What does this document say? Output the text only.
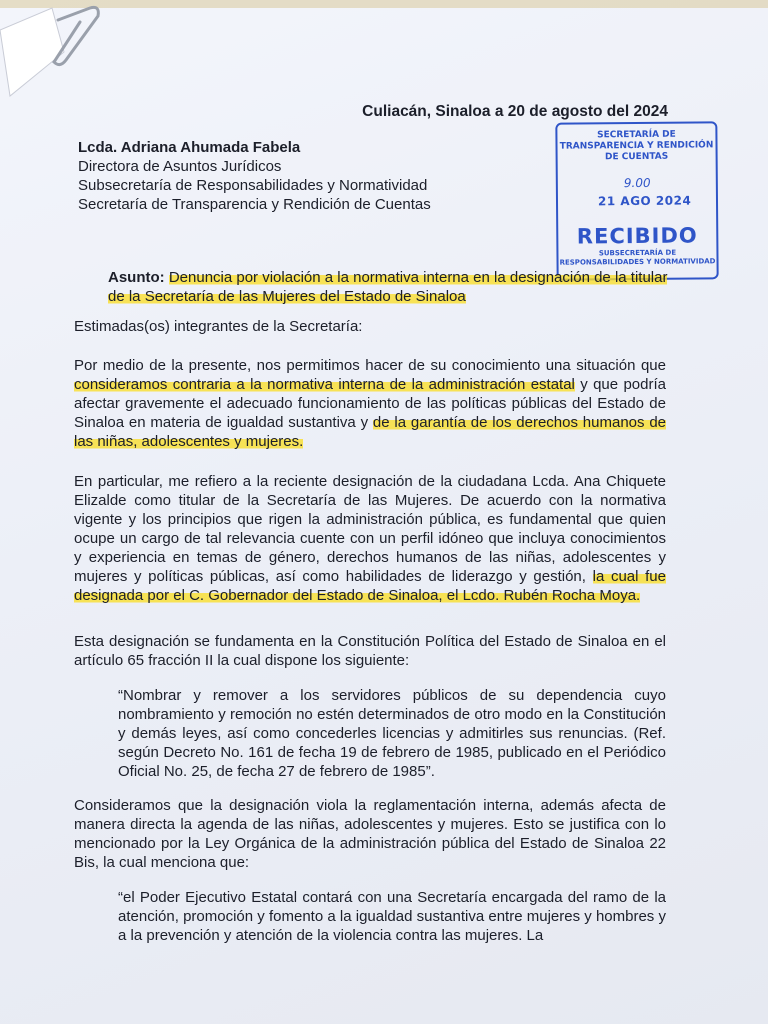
Culiacán, Sinaloa a 20 de agosto del 2024
Lcda. Adriana Ahumada Fabela
Directora de Asuntos Jurídicos
Subsecretaría de Responsabilidades y Normatividad
Secretaría de Transparencia y Rendición de Cuentas
SECRETARÍA DE TRANSPARENCIA Y RENDICIÓN DE CUENTAS
9.00
21 AGO 2024
RECIBIDO
SUBSECRETARÍA DE RESPONSABILIDADES Y NORMATIVIDAD
Asunto: Denuncia por violación a la normativa interna en la designación de la titular de la Secretaría de las Mujeres del Estado de Sinaloa
Estimadas(os) integrantes de la Secretaría:
Por medio de la presente, nos permitimos hacer de su conocimiento una situación que consideramos contraria a la normativa interna de la administración estatal y que podría afectar gravemente el adecuado funcionamiento de las políticas públicas del Estado de Sinaloa en materia de igualdad sustantiva y de la garantía de los derechos humanos de las niñas, adolescentes y mujeres.
En particular, me refiero a la reciente designación de la ciudadana Lcda. Ana Chiquete Elizalde como titular de la Secretaría de las Mujeres. De acuerdo con la normativa vigente y los principios que rigen la administración pública, es fundamental que quien ocupe un cargo de tal relevancia cuente con un perfil idóneo que incluya conocimientos y experiencia en temas de género, derechos humanos de las niñas, adolescentes y mujeres y políticas públicas, así como habilidades de liderazgo y gestión, la cual fue designada por el C. Gobernador del Estado de Sinaloa, el Lcdo. Rubén Rocha Moya.
Esta designación se fundamenta en la Constitución Política del Estado de Sinaloa en el artículo 65 fracción II la cual dispone los siguiente:
“Nombrar y remover a los servidores públicos de su dependencia cuyo nombramiento y remoción no estén determinados de otro modo en la Constitución y demás leyes, así como concederles licencias y admitirles sus renuncias. (Ref. según Decreto No. 161 de fecha 19 de febrero de 1985, publicado en el Periódico Oficial No. 25, de fecha 27 de febrero de 1985”.
Consideramos que la designación viola la reglamentación interna, además afecta de manera directa la agenda de las niñas, adolescentes y mujeres. Esto se justifica con lo mencionado por la Ley Orgánica de la administración pública del Estado de Sinaloa 22 Bis, la cual menciona que:
“el Poder Ejecutivo Estatal contará con una Secretaría encargada del ramo de la atención, promoción y fomento a la igualdad sustantiva entre mujeres y hombres y a la prevención y atención de la violencia contra las mujeres. La
